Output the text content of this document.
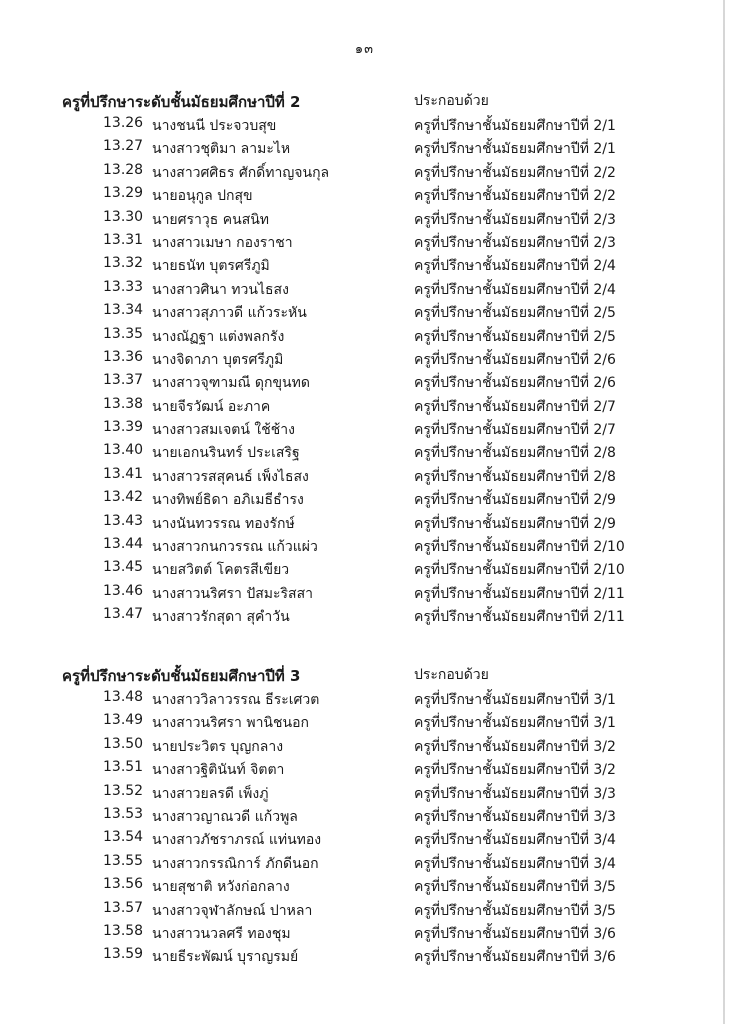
๑๓
ครูที่ปรึกษาระดับชั้นมัธยมศึกษาปีที่ 2	ประกอบด้วย
13.26 นางชนนี ประจวบสุข	ครูที่ปรึกษาชั้นมัธยมศึกษาปีที่ 2/1
13.27 นางสาวชุติมา ลามะไห	ครูที่ปรึกษาชั้นมัธยมศึกษาปีที่ 2/1
13.28 นางสาวศศิธร ศักดิ์ทาญจนกุล	ครูที่ปรึกษาชั้นมัธยมศึกษาปีที่ 2/2
13.29 นายอนุกูล ปกสุข	ครูที่ปรึกษาชั้นมัธยมศึกษาปีที่ 2/2
13.30 นายศราวุธ คนสนิท	ครูที่ปรึกษาชั้นมัธยมศึกษาปีที่ 2/3
13.31 นางสาวเมษา กองราชา	ครูที่ปรึกษาชั้นมัธยมศึกษาปีที่ 2/3
13.32 นายธนัท บุตรศรีภูมิ	ครูที่ปรึกษาชั้นมัธยมศึกษาปีที่ 2/4
13.33 นางสาวศินา ทวนไธสง	ครูที่ปรึกษาชั้นมัธยมศึกษาปีที่ 2/4
13.34 นางสาวสุภาวดี แก้วระหัน	ครูที่ปรึกษาชั้นมัธยมศึกษาปีที่ 2/5
13.35 นางณัฏฐา แต่งพลกรัง	ครูที่ปรึกษาชั้นมัธยมศึกษาปีที่ 2/5
13.36 นางจิดาภา บุตรศรีภูมิ	ครูที่ปรึกษาชั้นมัธยมศึกษาปีที่ 2/6
13.37 นางสาวจุฑามณี ดุกขุนทด	ครูที่ปรึกษาชั้นมัธยมศึกษาปีที่ 2/6
13.38 นายจีรวัฒน์ อะภาค	ครูที่ปรึกษาชั้นมัธยมศึกษาปีที่ 2/7
13.39 นางสาวสมเจตน์ ใช้ช้าง	ครูที่ปรึกษาชั้นมัธยมศึกษาปีที่ 2/7
13.40 นายเอกนรินทร์ ประเสริฐ	ครูที่ปรึกษาชั้นมัธยมศึกษาปีที่ 2/8
13.41 นางสาวรสสุคนธ์ เพ็งไธสง	ครูที่ปรึกษาชั้นมัธยมศึกษาปีที่ 2/8
13.42 นางทิพย์ธิดา อภิเมธีธำรง	ครูที่ปรึกษาชั้นมัธยมศึกษาปีที่ 2/9
13.43 นางนันทวรรณ ทองรักษ์	ครูที่ปรึกษาชั้นมัธยมศึกษาปีที่ 2/9
13.44 นางสาวกนกวรรณ แก้วแผ่ว	ครูที่ปรึกษาชั้นมัธยมศึกษาปีที่ 2/10
13.45 นายสวิตต์ โคตรสีเขียว	ครูที่ปรึกษาชั้นมัธยมศึกษาปีที่ 2/10
13.46 นางสาวนริศรา ปัสมะริสสา	ครูที่ปรึกษาชั้นมัธยมศึกษาปีที่ 2/11
13.47 นางสาวรักสุดา สุคำวัน	ครูที่ปรึกษาชั้นมัธยมศึกษาปีที่ 2/11
ครูที่ปรึกษาระดับชั้นมัธยมศึกษาปีที่ 3	ประกอบด้วย
13.48 นางสาววิลาวรรณ ธีระเศวต	ครูที่ปรึกษาชั้นมัธยมศึกษาปีที่ 3/1
13.49 นางสาวนริศรา พานิชนอก	ครูที่ปรึกษาชั้นมัธยมศึกษาปีที่ 3/1
13.50 นายประวิตร บุญกลาง	ครูที่ปรึกษาชั้นมัธยมศึกษาปีที่ 3/2
13.51 นางสาวฐิตินันท์ จิตตา	ครูที่ปรึกษาชั้นมัธยมศึกษาปีที่ 3/2
13.52 นางสาวยลรดี เพ็งภู่	ครูที่ปรึกษาชั้นมัธยมศึกษาปีที่ 3/3
13.53 นางสาวญาณวดี แก้วพูล	ครูที่ปรึกษาชั้นมัธยมศึกษาปีที่ 3/3
13.54 นางสาวภัชราภรณ์ แท่นทอง	ครูที่ปรึกษาชั้นมัธยมศึกษาปีที่ 3/4
13.55 นางสาวกรรณิการ์ ภักดีนอก	ครูที่ปรึกษาชั้นมัธยมศึกษาปีที่ 3/4
13.56 นายสุชาติ หวังก่อกลาง	ครูที่ปรึกษาชั้นมัธยมศึกษาปีที่ 3/5
13.57 นางสาวจุฬาลักษณ์ ปาหลา	ครูที่ปรึกษาชั้นมัธยมศึกษาปีที่ 3/5
13.58 นางสาวนวลศรี ทองชุม	ครูที่ปรึกษาชั้นมัธยมศึกษาปีที่ 3/6
13.59 นายธีระพัฒน์ บุราญรมย์	ครูที่ปรึกษาชั้นมัธยมศึกษาปีที่ 3/6
